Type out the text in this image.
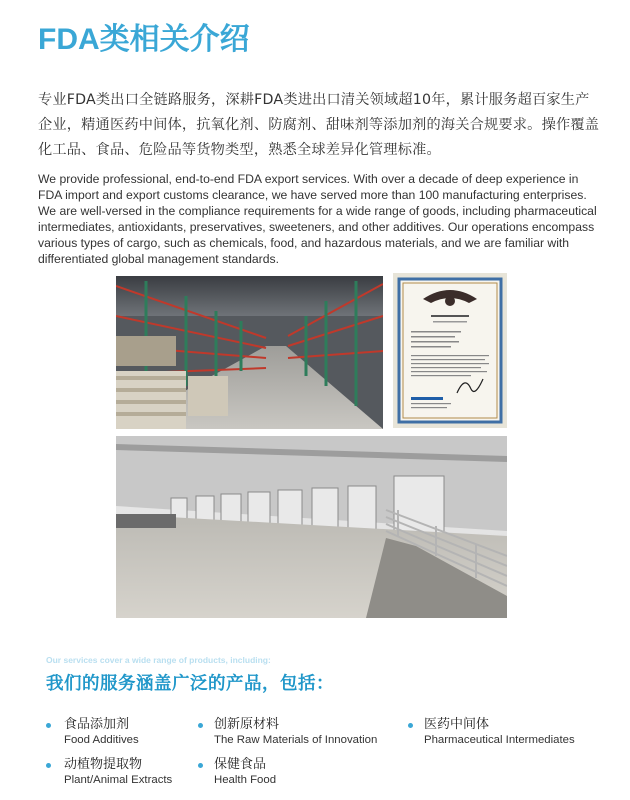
FDA类相关介绍
专业FDA类出口全链路服务，深耕FDA类进出口清关领域超10年，累计服务超百家生产企业，精通医药中间体，抗氧化剂、防腐剂、甜味剂等添加剂的海关合规要求。操作覆盖化工品、食品、危险品等货物类型，熟悉全球差异化管理标准。
We provide professional, end-to-end FDA export services. With over a decade of deep experience in FDA import and export customs clearance, we have served more than 100 manufacturing enterprises. We are well-versed in the compliance requirements for a wide range of goods, including pharmaceutical intermediates, antioxidants, preservatives, sweeteners, and other additives. Our operations encompass various types of cargo, such as chemicals, food, and hazardous materials, and we are familiar with differentiated global management standards.
Our services cover a wide range of products, including:
我们的服务涵盖广泛的产品，包括：
食品添加剂
Food Additives
创新原材料
The Raw Materials of Innovation
医药中间体
Pharmaceutical Intermediates
动植物提取物
Plant/Animal Extracts
保健食品
Health Food
